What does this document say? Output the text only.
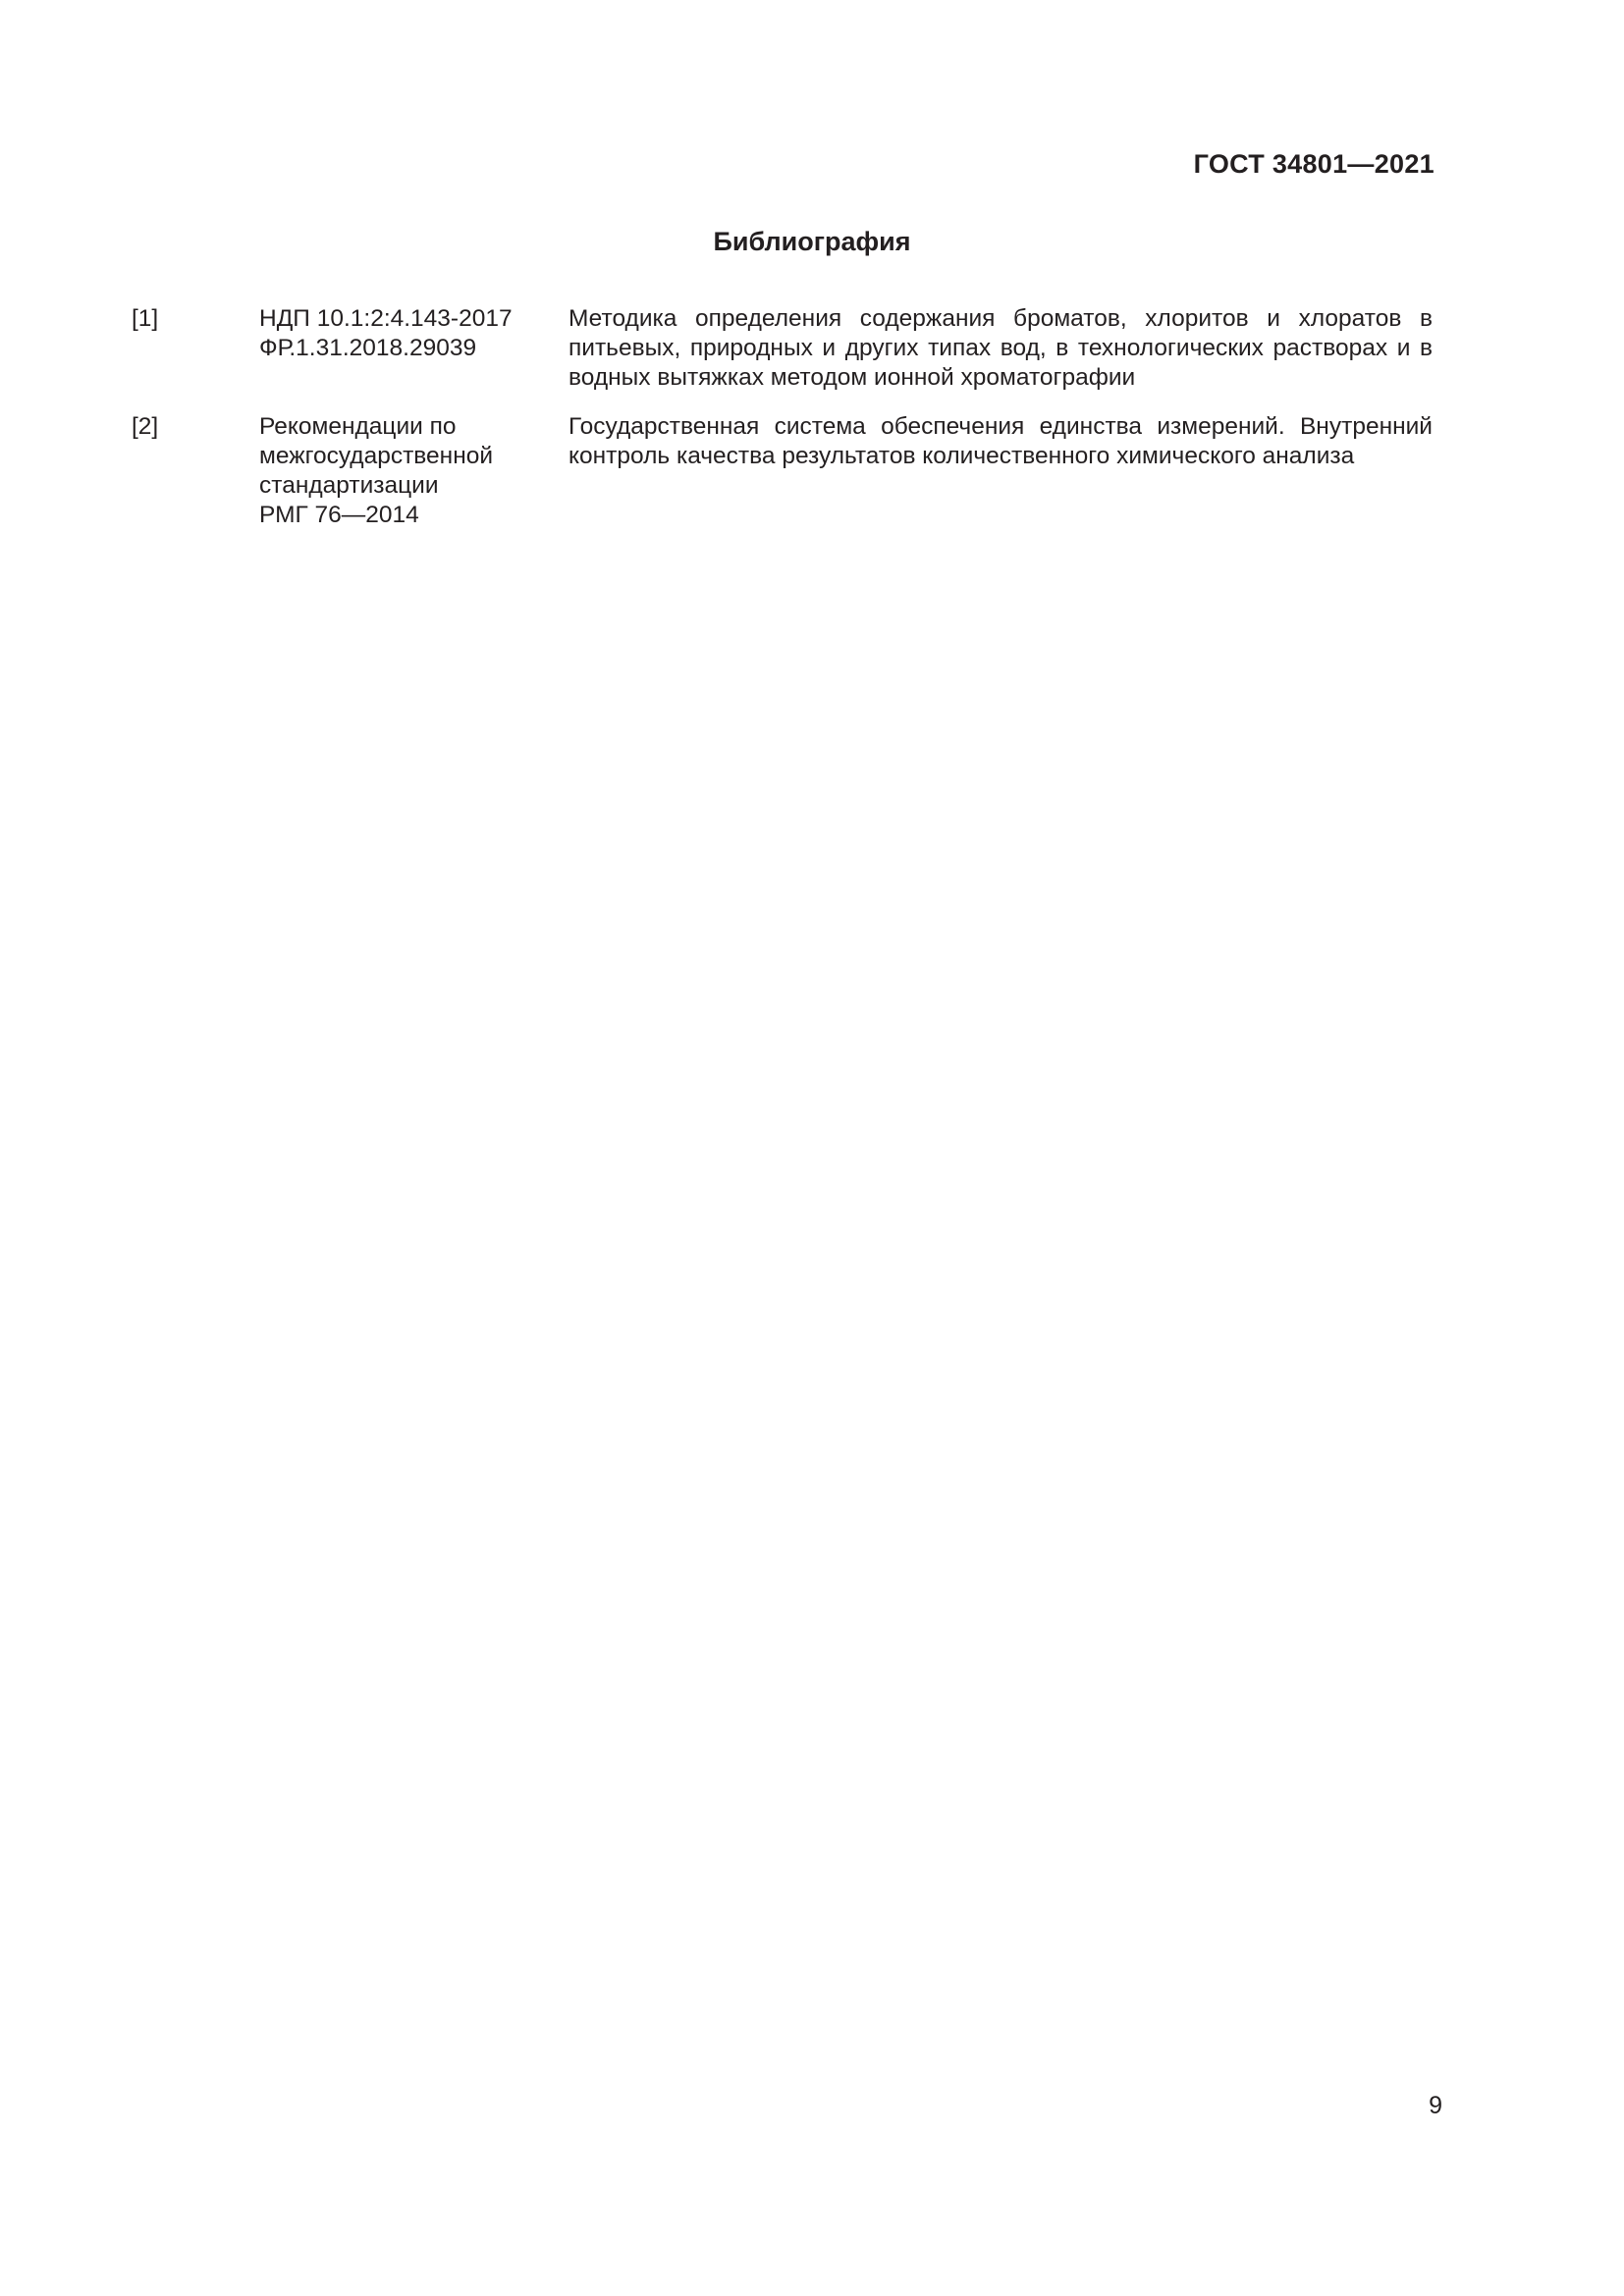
ГОСТ 34801—2021
Библиография
[1]	НДП 10.1:2:4.143-2017
ФР.1.31.2018.29039
Методика определения содержания броматов, хлоритов и хлоратов в питьевых, природных и других типах вод, в технологических растворах и в водных вытяжках методом ионной хроматографии
[2]	Рекомендации по
межгосударственной
стандартизации
РМГ 76—2014
Государственная система обеспечения единства измерений. Внутренний контроль качества результатов количественного химического анализа
9
